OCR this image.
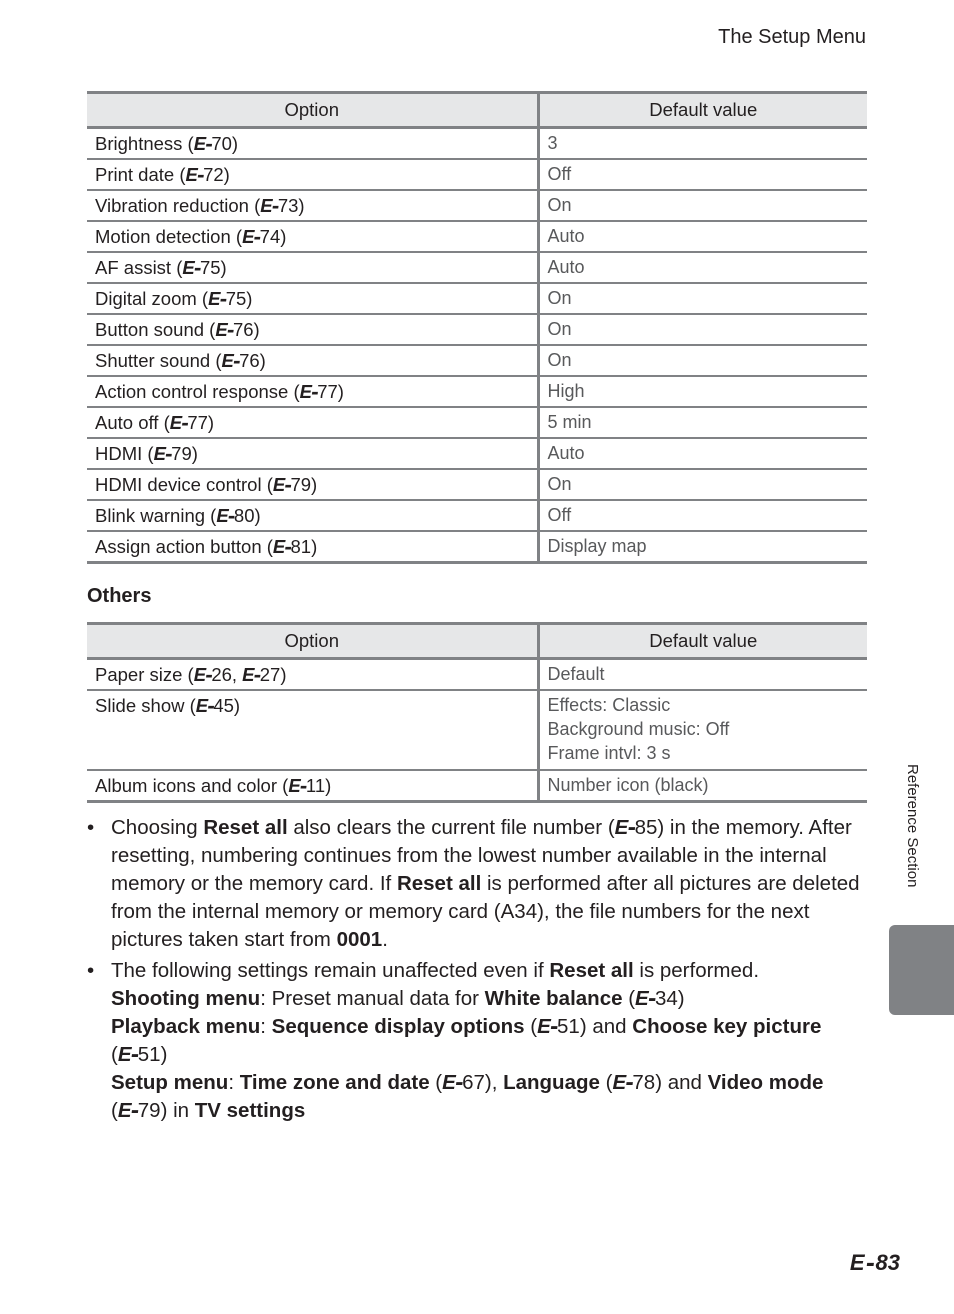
The Setup Menu
Option	Default value
Brightness (E⁃70)	3
Print date (E⁃72)	Off
Vibration reduction (E⁃73)	On
Motion detection (E⁃74)	Auto
AF assist (E⁃75)	Auto
Digital zoom (E⁃75)	On
Button sound (E⁃76)	On
Shutter sound (E⁃76)	On
Action control response (E⁃77)	High
Auto off (E⁃77)	5 min
HDMI (E⁃79)	Auto
HDMI device control (E⁃79)	On
Blink warning (E⁃80)	Off
Assign action button (E⁃81)	Display map
Others
Option	Default value
Paper size (E⁃26, E⁃27)	Default
Slide show (E⁃45)	Effects: Classic
Background music: Off
Frame intvl: 3 s

Album icons and color (E⁃11)	Number icon (black)
• Choosing Reset all also clears the current file number (E⁃85) in the memory. After resetting, numbering continues from the lowest number available in the internal memory or the memory card. If Reset all is performed after all pictures are deleted from the internal memory or memory card (A34), the file numbers for the next pictures taken start from 0001.
• The following settings remain unaffected even if Reset all is performed.
Shooting menu: Preset manual data for White balance (E⁃34)
Playback menu: Sequence display options (E⁃51) and Choose key picture (E⁃51)
Setup menu: Time zone and date (E⁃67), Language (E⁃78) and Video mode (E⁃79) in TV settings
Reference Section
E⁃83
